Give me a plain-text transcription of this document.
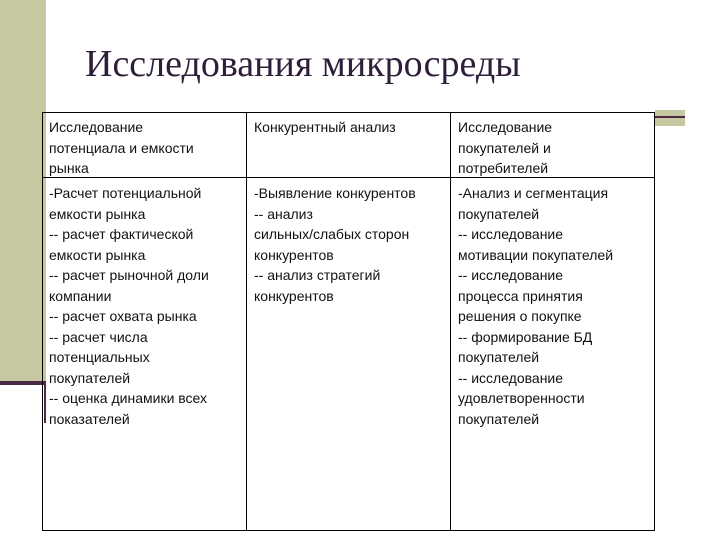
Исследования микросреды
Исследование
потенциала и емкости
рынка
-Расчет потенциальной
емкости рынка
-- расчет фактической
емкости рынка
-- расчет рыночной доли
компании
-- расчет охвата рынка
-- расчет числа
потенциальных
покупателей
-- оценка динамики всех
показателей
Конкурентный анализ
-Выявление конкурентов
-- анализ
сильных/слабых сторон
конкурентов
-- анализ стратегий
конкурентов
Исследование
покупателей и
потребителей
-Анализ и сегментация
покупателей
-- исследование
мотивации покупателей
-- исследование
процесса принятия
решения о покупке
-- формирование БД
покупателей
-- исследование
удовлетворенности
покупателей
